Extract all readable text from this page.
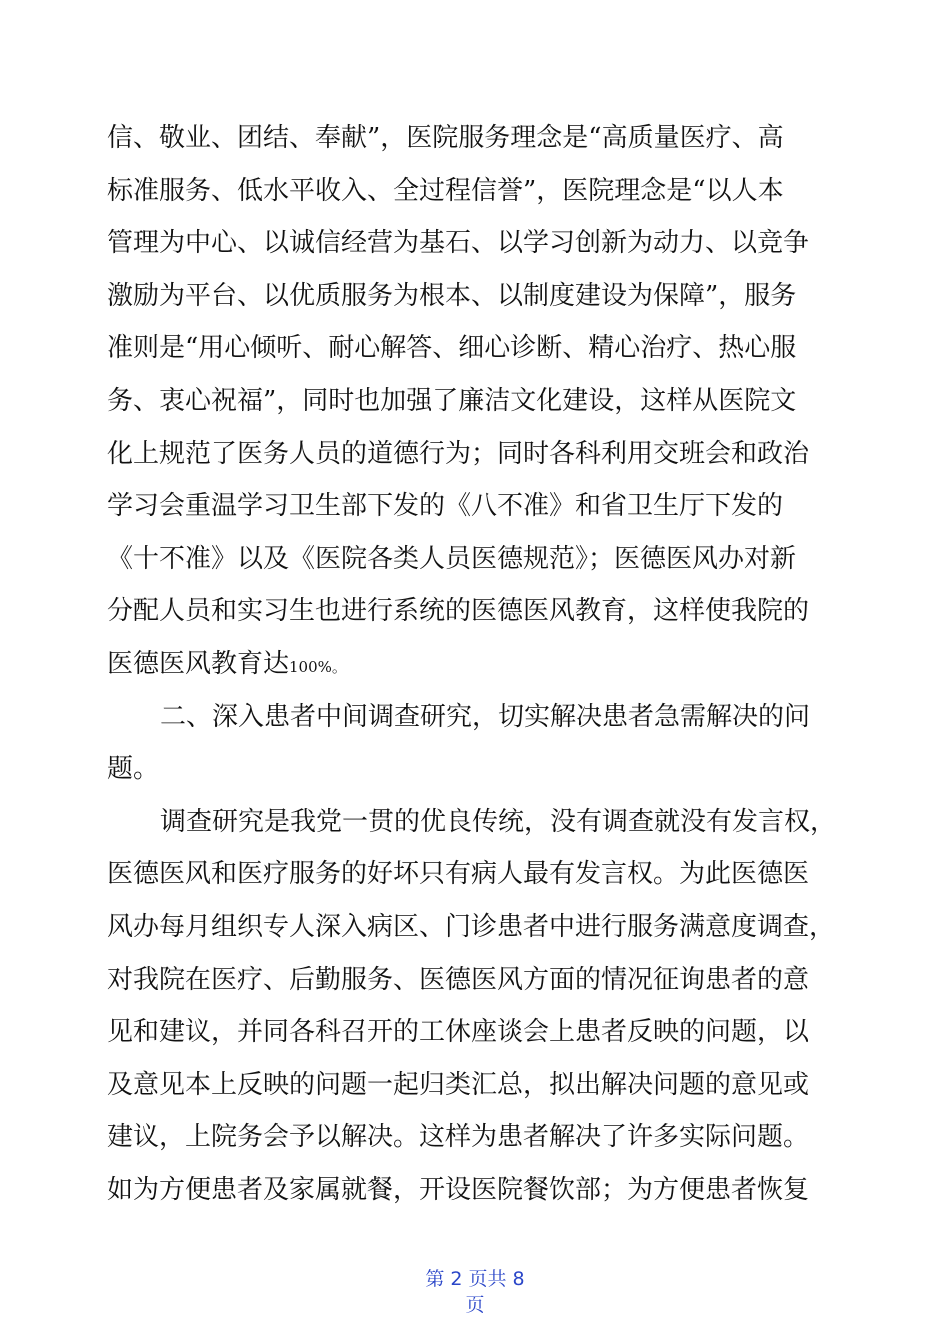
信、敬业、团结、奉献”，医院服务理念是“高质量医疗、高
标准服务、低水平收入、全过程信誉”，医院理念是“以人本
管理为中心、以诚信经营为基石、以学习创新为动力、以竞争
激励为平台、以优质服务为根本、以制度建设为保障”，服务
准则是“用心倾听、耐心解答、细心诊断、精心治疗、热心服
务、衷心祝福”，同时也加强了廉洁文化建设，这样从医院文
化上规范了医务人员的道德行为；同时各科利用交班会和政治
学习会重温学习卫生部下发的《八不准》和省卫生厅下发的
《十不准》以及《医院各类人员医德规范》；医德医风办对新
分配人员和实习生也进行系统的医德医风教育，这样使我院的
医德医风教育达100%。
二、深入患者中间调查研究，切实解决患者急需解决的问
题。
调查研究是我党一贯的优良传统，没有调查就没有发言权，
医德医风和医疗服务的好坏只有病人最有发言权。为此医德医
风办每月组织专人深入病区、门诊患者中进行服务满意度调查，
对我院在医疗、后勤服务、医德医风方面的情况征询患者的意
见和建议，并同各科召开的工休座谈会上患者反映的问题，以
及意见本上反映的问题一起归类汇总，拟出解决问题的意见或
建议，上院务会予以解决。这样为患者解决了许多实际问题。
如为方便患者及家属就餐，开设医院餐饮部；为方便患者恢复
第 2 页共 8
页
